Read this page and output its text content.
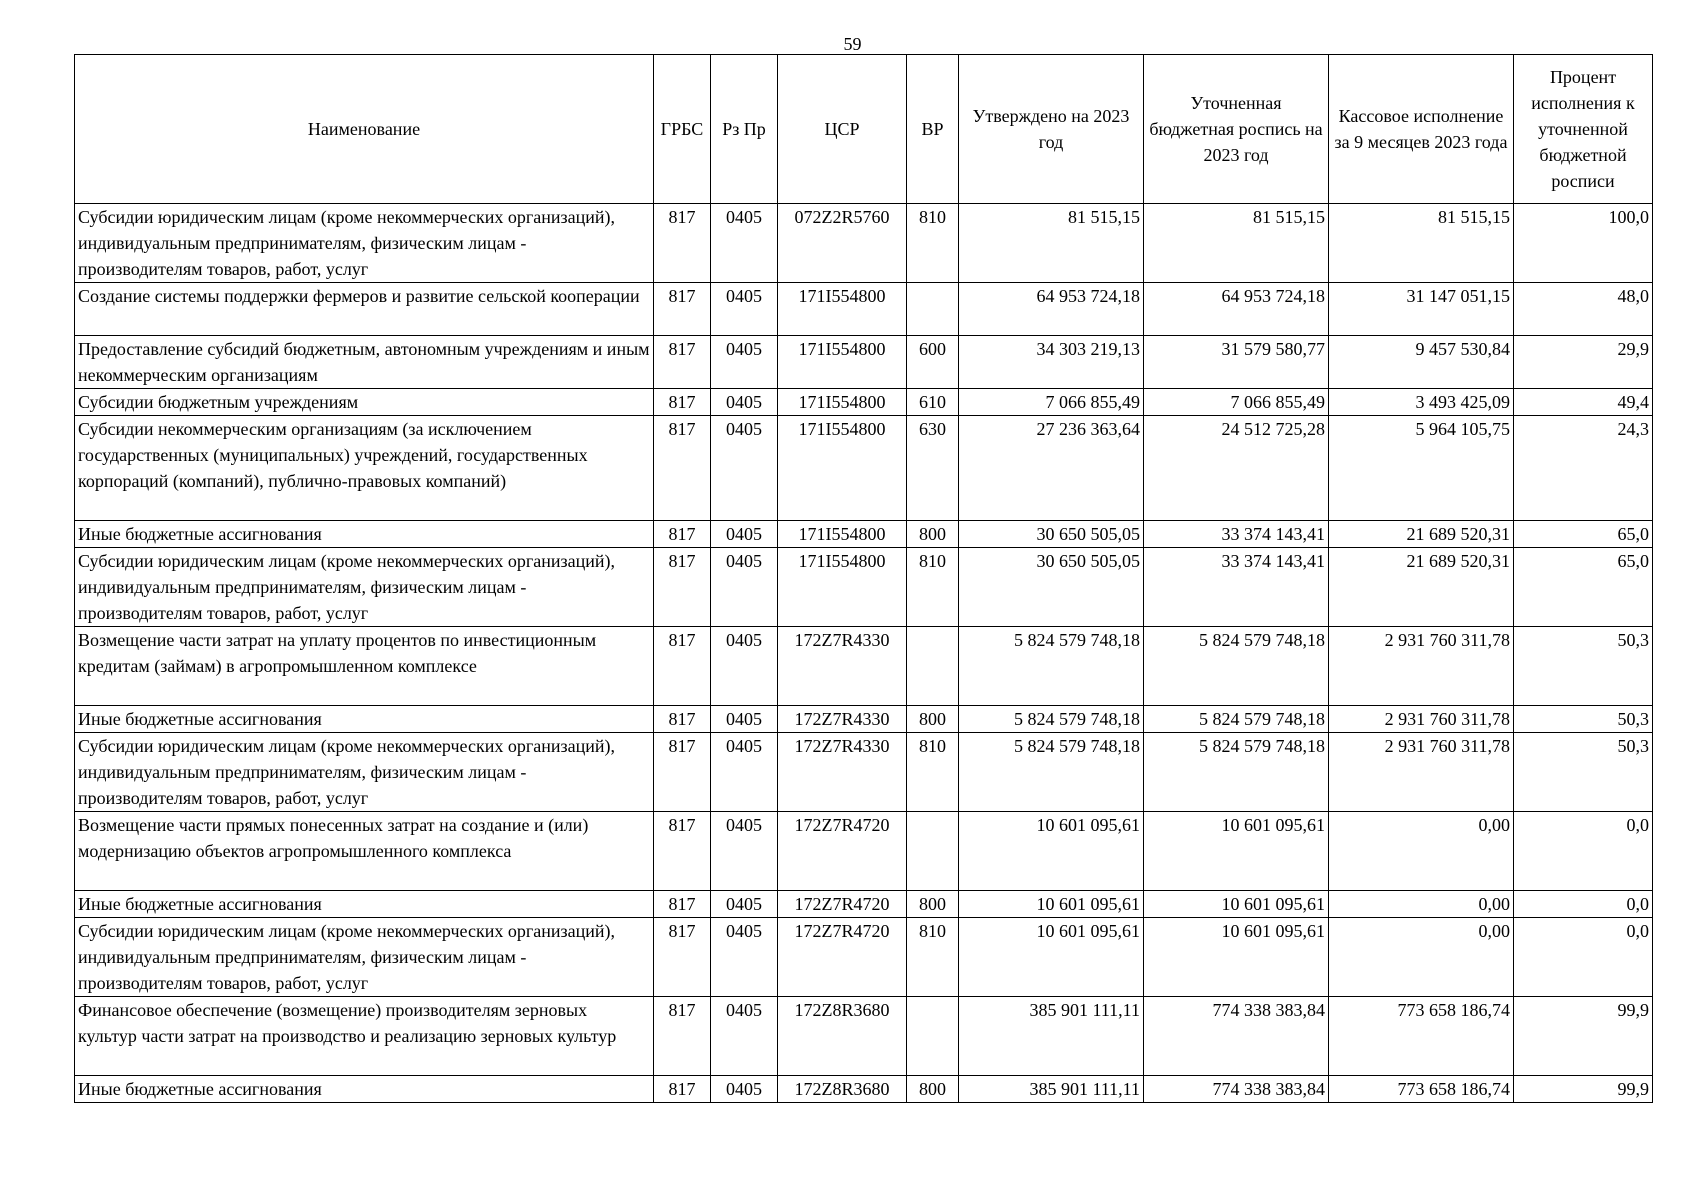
59
Наименование	ГРБС	Рз Пр	ЦСР	ВР	Утверждено на 2023 год	Уточненная бюджетная роспись на 2023 год	Кассовое исполнение за 9 месяцев 2023 года	Процент исполнения к уточненной бюджетной росписи
Субсидии юридическим лицам (кроме некоммерческих организаций), индивидуальным предпринимателям, физическим лицам - производителям товаров, работ, услуг	817	0405	072Z2R5760	810	81 515,15	81 515,15	81 515,15	100,0
Создание системы поддержки фермеров и развитие сельской кооперации	817	0405	171I554800		64 953 724,18	64 953 724,18	31 147 051,15	48,0
Предоставление субсидий бюджетным, автономным учреждениям и иным некоммерческим организациям	817	0405	171I554800	600	34 303 219,13	31 579 580,77	9 457 530,84	29,9
Субсидии бюджетным учреждениям	817	0405	171I554800	610	7 066 855,49	7 066 855,49	3 493 425,09	49,4
Субсидии некоммерческим организациям (за исключением государственных (муниципальных) учреждений, государственных корпораций (компаний), публично-правовых компаний)	817	0405	171I554800	630	27 236 363,64	24 512 725,28	5 964 105,75	24,3
Иные бюджетные ассигнования	817	0405	171I554800	800	30 650 505,05	33 374 143,41	21 689 520,31	65,0
Субсидии юридическим лицам (кроме некоммерческих организаций), индивидуальным предпринимателям, физическим лицам - производителям товаров, работ, услуг	817	0405	171I554800	810	30 650 505,05	33 374 143,41	21 689 520,31	65,0
Возмещение части затрат на уплату процентов по инвестиционным кредитам (займам) в агропромышленном комплексе	817	0405	172Z7R4330		5 824 579 748,18	5 824 579 748,18	2 931 760 311,78	50,3
Иные бюджетные ассигнования	817	0405	172Z7R4330	800	5 824 579 748,18	5 824 579 748,18	2 931 760 311,78	50,3
Субсидии юридическим лицам (кроме некоммерческих организаций), индивидуальным предпринимателям, физическим лицам - производителям товаров, работ, услуг	817	0405	172Z7R4330	810	5 824 579 748,18	5 824 579 748,18	2 931 760 311,78	50,3
Возмещение части прямых понесенных затрат на создание и (или) модернизацию объектов агропромышленного комплекса	817	0405	172Z7R4720		10 601 095,61	10 601 095,61	0,00	0,0
Иные бюджетные ассигнования	817	0405	172Z7R4720	800	10 601 095,61	10 601 095,61	0,00	0,0
Субсидии юридическим лицам (кроме некоммерческих организаций), индивидуальным предпринимателям, физическим лицам - производителям товаров, работ, услуг	817	0405	172Z7R4720	810	10 601 095,61	10 601 095,61	0,00	0,0
Финансовое обеспечение (возмещение) производителям зерновых культур части затрат на производство и реализацию зерновых культур	817	0405	172Z8R3680		385 901 111,11	774 338 383,84	773 658 186,74	99,9
Иные бюджетные ассигнования	817	0405	172Z8R3680	800	385 901 111,11	774 338 383,84	773 658 186,74	99,9
